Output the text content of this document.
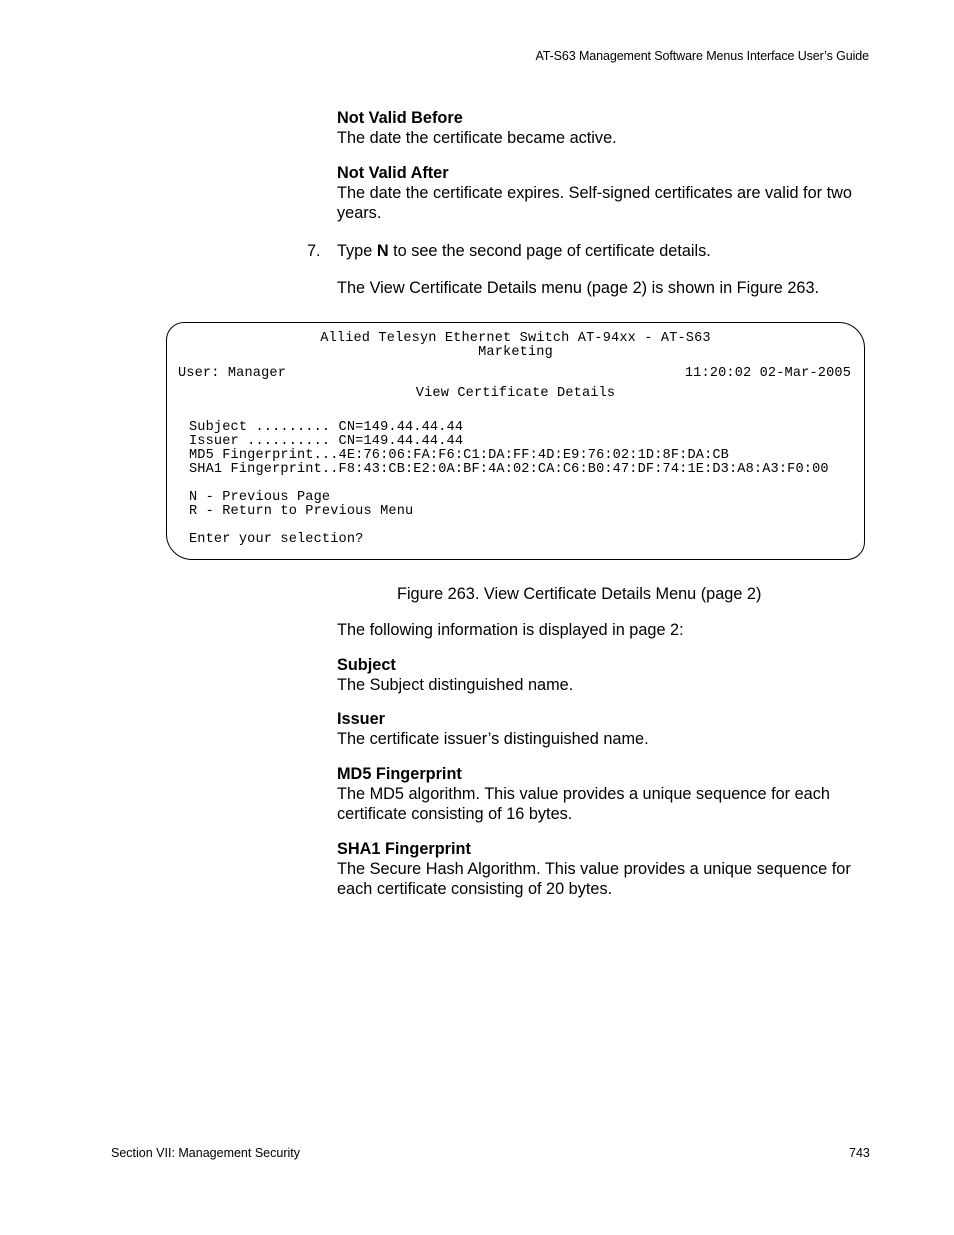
AT-S63 Management Software Menus Interface User’s Guide
Not Valid Before
The date the certificate became active.
Not Valid After
The date the certificate expires. Self-signed certificates are valid for two years.
7. Type N to see the second page of certificate details.
The View Certificate Details menu (page 2) is shown in Figure 263.
Allied Telesyn Ethernet Switch AT-94xx - AT-S63
Marketing
User: Manager	11:20:02 02-Mar-2005
View Certificate Details
Subject ......... CN=149.44.44.44
Issuer .......... CN=149.44.44.44
MD5 Fingerprint...4E:76:06:FA:F6:C1:DA:FF:4D:E9:76:02:1D:8F:DA:CB
SHA1 Fingerprint..F8:43:CB:E2:0A:BF:4A:02:CA:C6:B0:47:DF:74:1E:D3:A8:A3:F0:00
N - Previous Page
R - Return to Previous Menu
Enter your selection?
Figure 263. View Certificate Details Menu (page 2)
The following information is displayed in page 2:
Subject
The Subject distinguished name.
Issuer
The certificate issuer’s distinguished name.
MD5 Fingerprint
The MD5 algorithm. This value provides a unique sequence for each certificate consisting of 16 bytes.
SHA1 Fingerprint
The Secure Hash Algorithm. This value provides a unique sequence for each certificate consisting of 20 bytes.
Section VII: Management Security	743
